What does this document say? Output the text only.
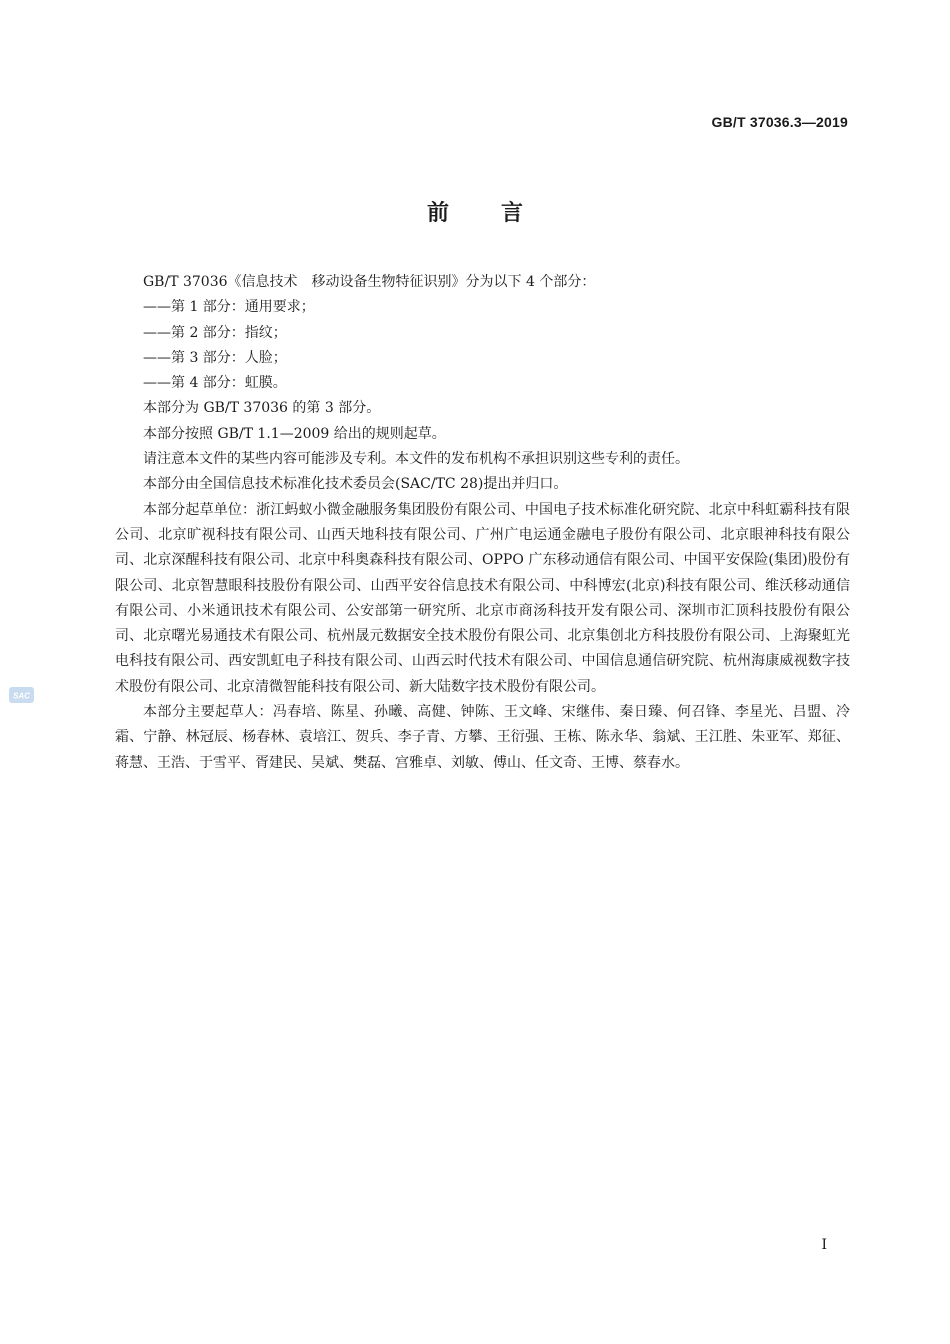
GB/T 37036.3—2019
前 言

GB/T 37036《信息技术　移动设备生物特征识别》分为以下 4 个部分：

——第 1 部分：通用要求；

——第 2 部分：指纹；

——第 3 部分：人脸；

——第 4 部分：虹膜。

本部分为 GB/T 37036 的第 3 部分。

本部分按照 GB/T 1.1—2009 给出的规则起草。

请注意本文件的某些内容可能涉及专利。本文件的发布机构不承担识别这些专利的责任。

本部分由全国信息技术标准化技术委员会(SAC/TC 28)提出并归口。

本部分起草单位：浙江蚂蚁小微金融服务集团股份有限公司、中国电子技术标准化研究院、北京中科虹霸科技有限公司、北京旷视科技有限公司、山西天地科技有限公司、广州广电运通金融电子股份有限公司、北京眼神科技有限公司、北京深醒科技有限公司、北京中科奥森科技有限公司、OPPO 广东移动通信有限公司、中国平安保险(集团)股份有限公司、北京智慧眼科技股份有限公司、山西平安谷信息技术有限公司、中科博宏(北京)科技有限公司、维沃移动通信有限公司、小米通讯技术有限公司、公安部第一研究所、北京市商汤科技开发有限公司、深圳市汇顶科技股份有限公司、北京曙光易通技术有限公司、杭州晟元数据安全技术股份有限公司、北京集创北方科技股份有限公司、上海聚虹光电科技有限公司、西安凯虹电子科技有限公司、山西云时代技术有限公司、中国信息通信研究院、杭州海康威视数字技术股份有限公司、北京清微智能科技有限公司、新大陆数字技术股份有限公司。

本部分主要起草人：冯春培、陈星、孙曦、高健、钟陈、王文峰、宋继伟、秦日臻、何召锋、李星光、吕盟、冷霜、宁静、林冠辰、杨春林、袁培江、贺兵、李子青、方攀、王衍强、王栋、陈永华、翁斌、王江胜、朱亚军、郑征、蒋慧、王浩、于雪平、胥建民、吴斌、樊磊、宫雅卓、刘敏、傅山、任文奇、王博、蔡春水。

SAC
I
